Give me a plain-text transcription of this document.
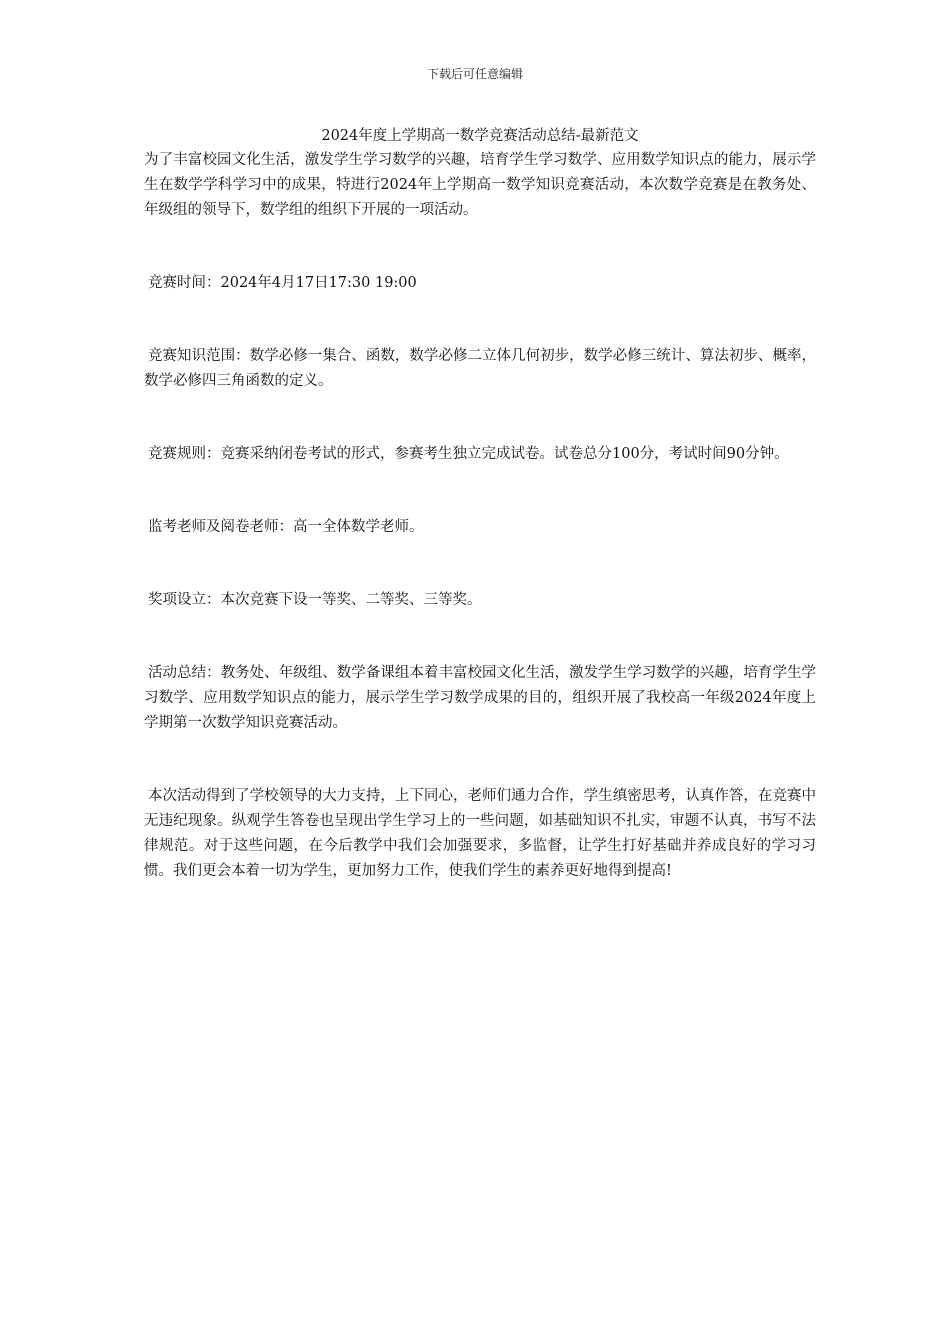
下载后可任意编辑
2024年度上学期高一数学竞赛活动总结-最新范文

为了丰富校园文化生活，激发学生学习数学的兴趣，培育学生学习数学、应用数学知识点的能力，展示学生在数学学科学习中的成果，特进行2024年上学期高一数学知识竞赛活动，本次数学竞赛是在教务处、年级组的领导下，数学组的组织下开展的一项活动。

竞赛时间：2024年4月17日17:30 19:00

竞赛知识范围：数学必修一集合、函数，数学必修二立体几何初步，数学必修三统计、算法初步、概率，数学必修四三角函数的定义。

竞赛规则：竞赛采纳闭卷考试的形式，参赛考生独立完成试卷。试卷总分100分，考试时间90分钟。

监考老师及阅卷老师：高一全体数学老师。

奖项设立：本次竞赛下设一等奖、二等奖、三等奖。

活动总结：教务处、年级组、数学备课组本着丰富校园文化生活，激发学生学习数学的兴趣，培育学生学习数学、应用数学知识点的能力，展示学生学习数学成果的目的，组织开展了我校高一年级2024年度上学期第一次数学知识竞赛活动。

本次活动得到了学校领导的大力支持，上下同心，老师们通力合作，学生缜密思考，认真作答，在竞赛中无违纪现象。纵观学生答卷也呈现出学生学习上的一些问题，如基础知识不扎实，审题不认真，书写不法律规范。对于这些问题，在今后教学中我们会加强要求，多监督，让学生打好基础并养成良好的学习习惯。我们更会本着一切为学生，更加努力工作，使我们学生的素养更好地得到提高!
